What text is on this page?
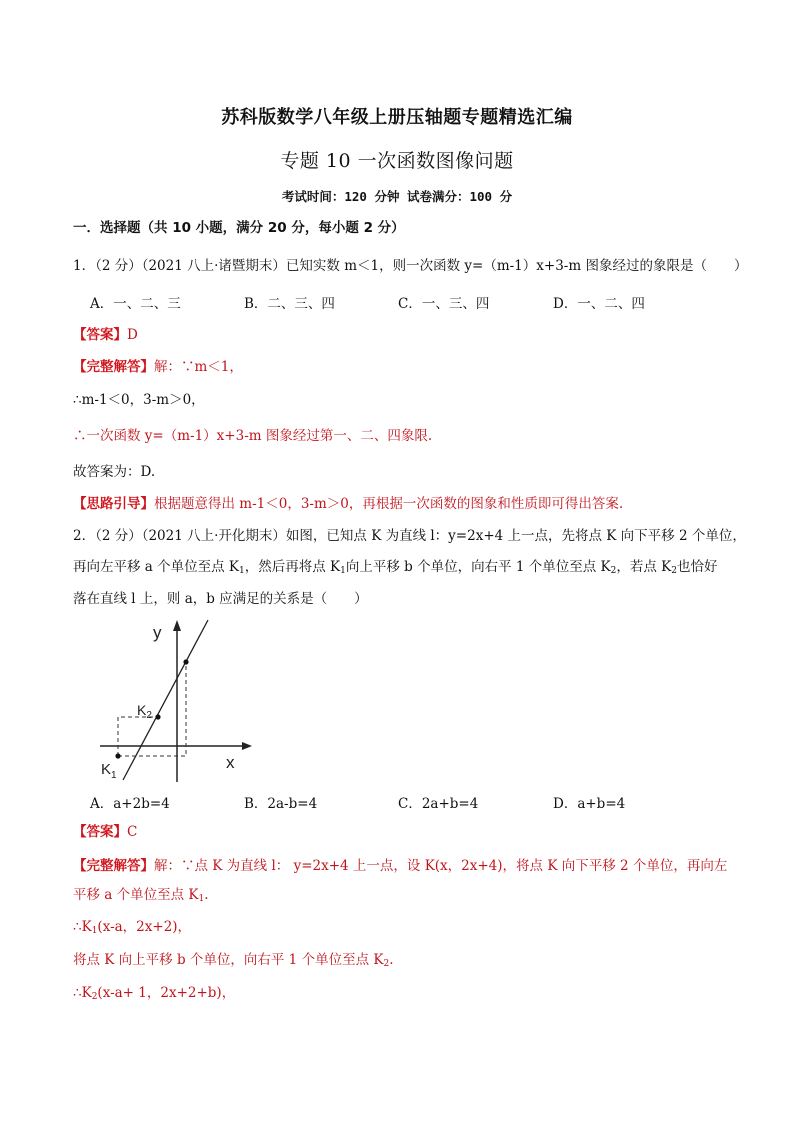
苏科版数学八年级上册压轴题专题精选汇编
专题 10 一次函数图像问题
考试时间：120 分钟 试卷满分：100 分
一．选择题（共 10 小题，满分 20 分，每小题 2 分）
1．（2 分）（2021 八上·诸暨期末）已知实数 m＜1，则一次函数 y=（m-1）x+3-m 图象经过的象限是（　　）
A．一、二、三	B．二、三、四	C．一、三、四	D．一、二、四
【答案】D
【完整解答】解：∵m＜1，
∴m-1＜0，3-m＞0，
∴一次函数 y=（m-1）x+3-m 图象经过第一、二、四象限.
故答案为：D.
【思路引导】根据题意得出 m-1＜0，3-m＞0，再根据一次函数的图象和性质即可得出答案.
2．（2 分）（2021 八上·开化期末）如图，已知点 K 为直线 l：y=2x+4 上一点，先将点 K 向下平移 2 个单位，
再向左平移 a 个单位至点 $K_1$，然后再将点 $K_1$向上平移 b 个单位，向右平 1 个单位至点 $K_2$，若点 $K_2$也恰好
落在直线 l 上，则 a，b 应满足的关系是（　　）
y
x
$K_2$
$K_1$
A．a+2b=4	B．2a-b=4	C．2a+b=4	D．a+b=4
【答案】C
【完整解答】解：∵点 K 为直线 l： y=2x+4 上一点，设 K(x，2x+4)，将点 K 向下平移 2 个单位，再向左
平移 a 个单位至点 $K_1$.
$\therefore K_1(x-a$，2x+2)，
将点 K 向上平移 b 个单位，向右平 1 个单位至点 $K_2$.
$\therefore K_2(x-a+ 1$，2x+2+b)，
